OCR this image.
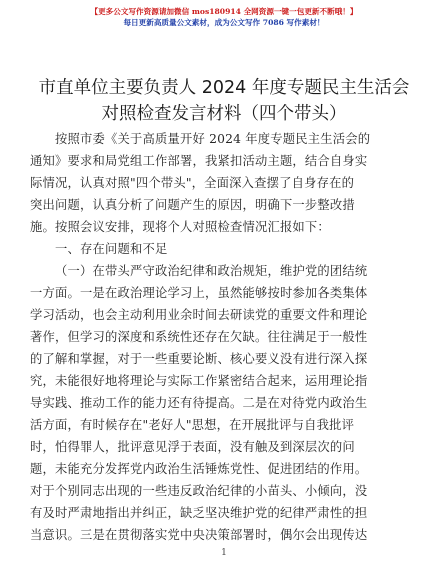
【更多公文写作资源请加微信 mos180914 全网资源一键一包更新不断哦！】
每日更新高质量公文素材，成为公文写作 7086 写作素材！
市直单位主要负责人 2024 年度专题民主生活会
对照检查发言材料（四个带头）
按照市委《关于高质量开好 2024 年度专题民主生活会的
通知》要求和局党组工作部署，我紧扣活动主题，结合自身实
际情况，认真对照"四个带头"，全面深入查摆了自身存在的
突出问题，认真分析了问题产生的原因，明确下一步整改措
施。按照会议安排，现将个人对照检查情况汇报如下：
一、存在问题和不足
（一）在带头严守政治纪律和政治规矩，维护党的团结统
一方面。一是在政治理论学习上，虽然能够按时参加各类集体
学习活动，也会主动利用业余时间去研读党的重要文件和理论
著作，但学习的深度和系统性还存在欠缺。往往满足于一般性
的了解和掌握，对于一些重要论断、核心要义没有进行深入探
究，未能很好地将理论与实际工作紧密结合起来，运用理论指
导实践、推动工作的能力还有待提高。二是在对待党内政治生
活方面，有时候存在"老好人"思想，在开展批评与自我批评
时，怕得罪人，批评意见浮于表面，没有触及到深层次的问
题，未能充分发挥党内政治生活锤炼党性、促进团结的作用。
对于个别同志出现的一些违反政治纪律的小苗头、小倾向，没
有及时严肃地指出并纠正，缺乏坚决维护党的纪律严肃性的担
当意识。三是在贯彻落实党中央决策部署时，偶尔会出现传达
1
